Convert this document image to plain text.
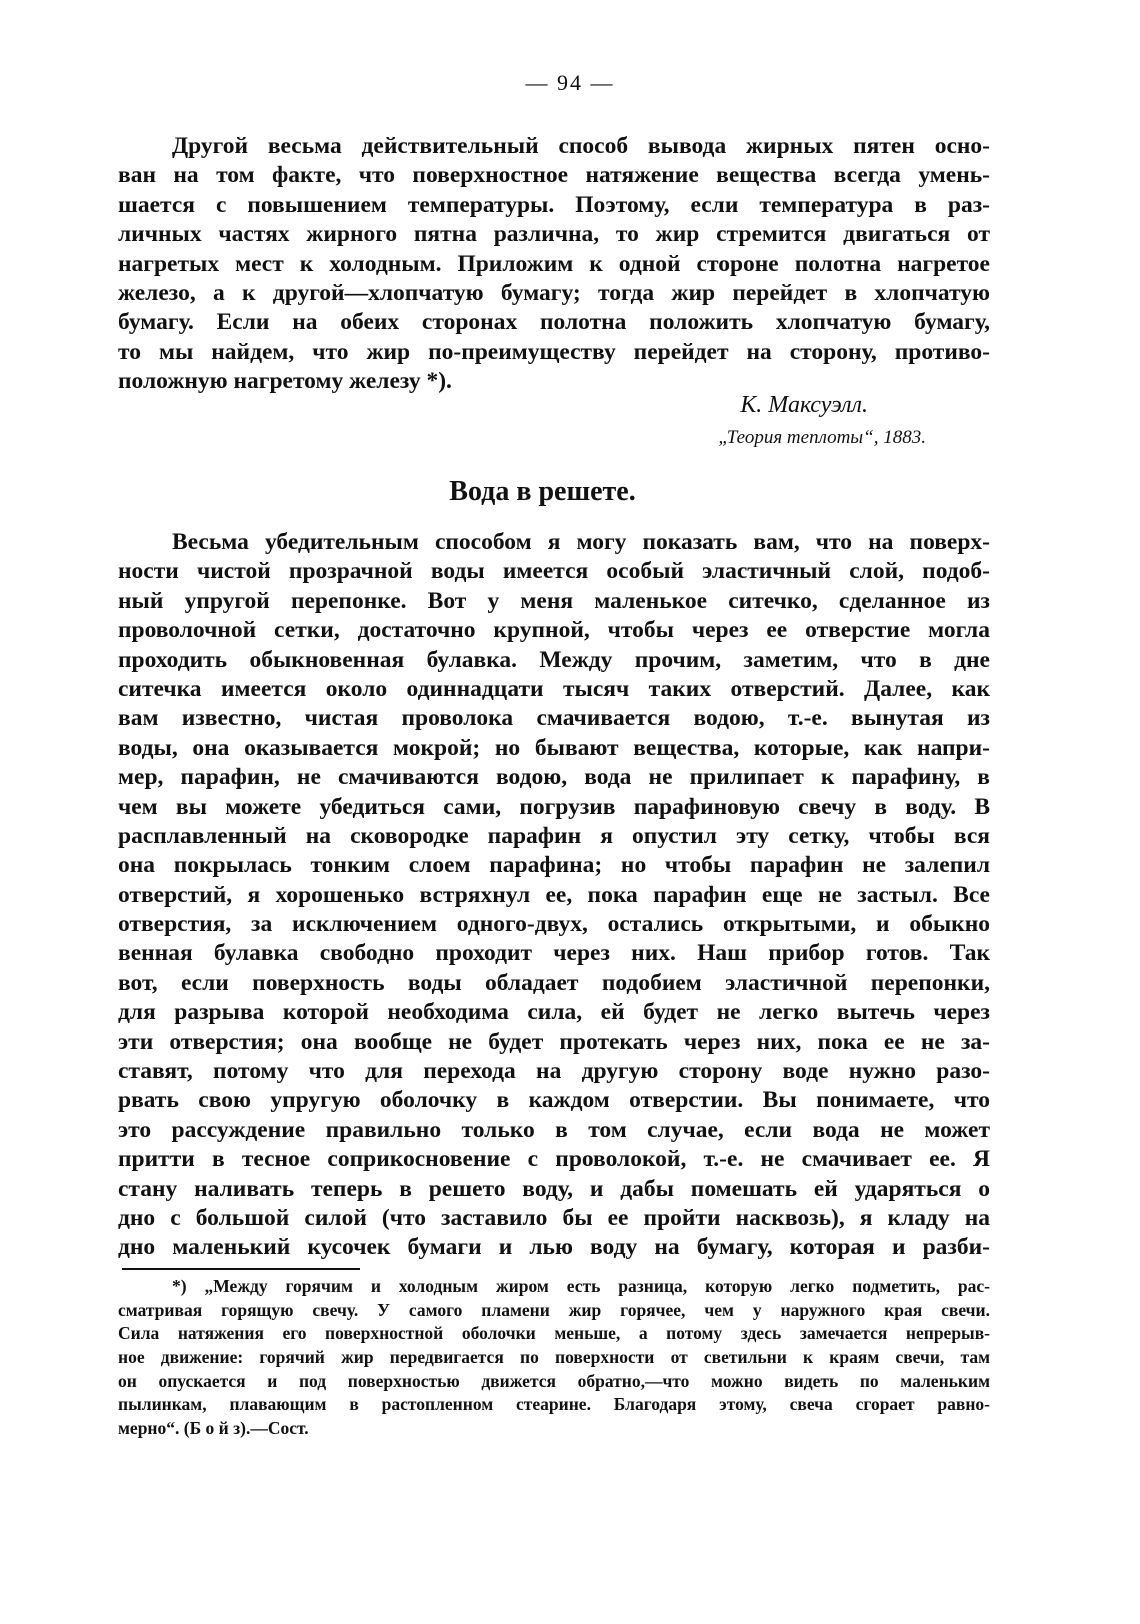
— 94 —
Другой весьма действительный способ вывода жирных пятен осно-
ван на том факте, что поверхностное натяжение вещества всегда умень-
шается с повышением температуры. Поэтому, если температура в раз-
личных частях жирного пятна различна, то жир стремится двигаться от
нагретых мест к холодным. Приложим к одной стороне полотна нагретое
железо, а к другой—хлопчатую бумагу; тогда жир перейдет в хлопчатую
бумагу. Если на обеих сторонах полотна положить хлопчатую бумагу,
то мы найдем, что жир по-преимуществу перейдет на сторону, противо-
положную нагретому железу *).
К. Максуэлл.
„Теория теплоты“, 1883.
Вода в решете.
Весьма убедительным способом я могу показать вам, что на поверх-
ности чистой прозрачной воды имеется особый эластичный слой, подоб-
ный упругой перепонке. Вот у меня маленькое ситечко, сделанное из
проволочной сетки, достаточно крупной, чтобы через ее отверстие могла
проходить обыкновенная булавка. Между прочим, заметим, что в дне
ситечка имеется около одиннадцати тысяч таких отверстий. Далее, как
вам известно, чистая проволока смачивается водою, т.-е. вынутая из
воды, она оказывается мокрой; но бывают вещества, которые, как напри-
мер, парафин, не смачиваются водою, вода не прилипает к парафину, в
чем вы можете убедиться сами, погрузив парафиновую свечу в воду. В
расплавленный на сковородке парафин я опустил эту сетку, чтобы вся
она покрылась тонким слоем парафина; но чтобы парафин не залепил
отверстий, я хорошенько встряхнул ее, пока парафин еще не застыл. Все
отверстия, за исключением одного-двух, остались открытыми, и обыкно
венная булавка свободно проходит через них. Наш прибор готов. Так
вот, если поверхность воды обладает подобием эластичной перепонки,
для разрыва которой необходима сила, ей будет не легко вытечь через
эти отверстия; она вообще не будет протекать через них, пока ее не за-
ставят, потому что для перехода на другую сторону воде нужно разо-
рвать свою упругую оболочку в каждом отверстии. Вы понимаете, что
это рассуждение правильно только в том случае, если вода не может
притти в тесное соприкосновение с проволокой, т.-е. не смачивает ее. Я
стану наливать теперь в решето воду, и дабы помешать ей ударяться о
дно с большой силой (что заставило бы ее пройти насквозь), я кладу на
дно маленький кусочек бумаги и лью воду на бумагу, которая и разби-
*) „Между горячим и холодным жиром есть разница, которую легко подметить, рас-
сматривая горящую свечу. У самого пламени жир горячее, чем у наружного края свечи.
Сила натяжения его поверхностной оболочки меньше, а потому здесь замечается непрерыв-
ное движение: горячий жир передвигается по поверхности от светильни к краям свечи, там
он опускается и под поверхностью движется обратно,—что можно видеть по маленьким
пылинкам, плавающим в растопленном стеарине. Благодаря этому, свеча сгорает равно-
мерно“. (Б о й з).—Сост.
